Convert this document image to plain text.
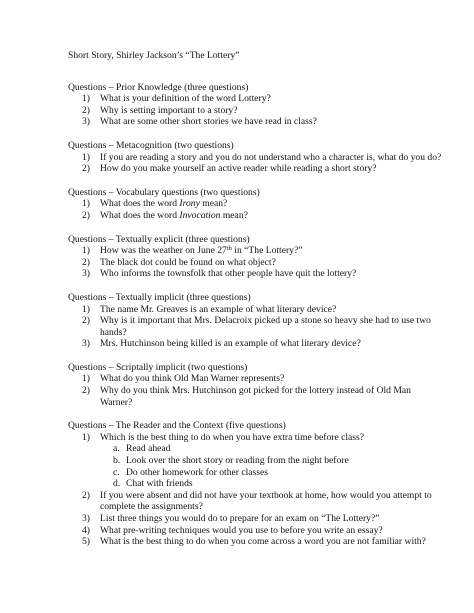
Short Story, Shirley Jackson’s “The Lottery”
Questions – Prior Knowledge (three questions)
1) What is your definition of the word Lottery?
2) Why is setting important to a story?
3) What are some other short stories we have read in class?
Questions – Metacognition (two questions)
1) If you are reading a story and you do not understand who a character is, what do you do?
2) How do you make yourself an active reader while reading a short story?
Questions – Vocabulary questions (two questions)
1) What does the word Irony mean?
2) What does the word Invocation mean?
Questions – Textually explicit (three questions)
1) How was the weather on June 27th in “The Lottery?”
2) The black dot could be found on what object?
3) Who informs the townsfolk that other people have quit the lottery?
Questions – Textually implicit (three questions)
1) The name Mr. Greaves is an example of what literary device?
2) Why is it important that Mrs. Delacroix picked up a stone so heavy she had to use two hands?
3) Mrs. Hutchinson being killed is an example of what literary device?
Questions – Scriptally implicit (two questions)
1) What do you think Old Man Warner represents?
2) Why do you think Mrs. Hutchinson got picked for the lottery instead of Old Man Warner?
Questions – The Reader and the Context (five questions)
1) Which is the best thing to do when you have extra time before class?
a. Read ahead
b. Look over the short story or reading from the night before
c. Do other homework for other classes
d. Chat with friends
2) If you were absent and did not have your textbook at home, how would you attempt to complete the assignments?
3) List three things you would do to prepare for an exam on “The Lottery?”
4) What pre-writing techniques would you use to before you write an essay?
5) What is the best thing to do when you come across a word you are not familiar with?
